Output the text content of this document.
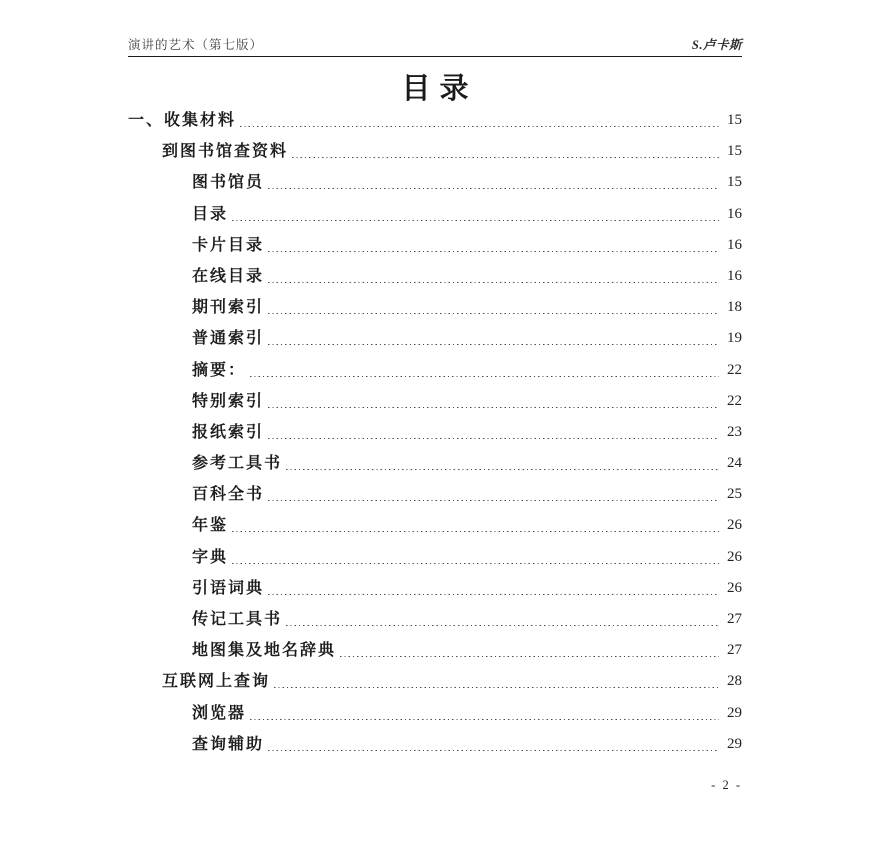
演讲的艺术（第七版）	S.卢卡斯
目录
一、收集材料	15
到图书馆查资料	15
图书馆员	15
目录	16
卡片目录	16
在线目录	16
期刊索引	18
普通索引	19
摘要：	22
特别索引	22
报纸索引	23
参考工具书	24
百科全书	25
年鉴	26
字典	26
引语词典	26
传记工具书	27
地图集及地名辞典	27
互联网上查询	28
浏览器	29
查询辅助	29
- 2 -
